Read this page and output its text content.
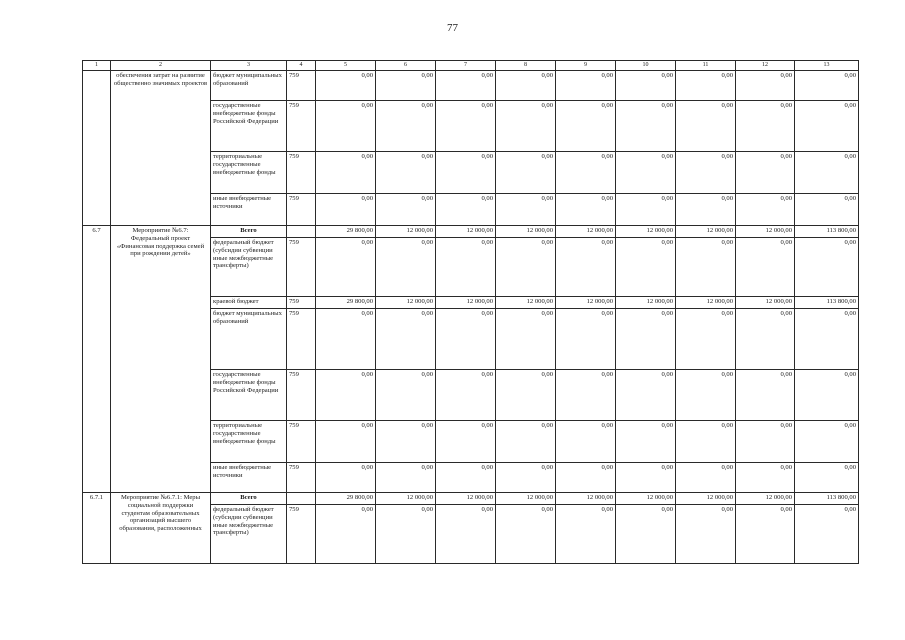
77
1	2	3	4	5	6	7	8	9	10	11	12	13
	обеспечения затрат на развитие общественно значимых проектов	бюджет муниципальных образований	759	0,00	0,00	0,00	0,00	0,00	0,00	0,00	0,00	0,00
		государственные внебюджетные фонды Российской Федерации	759	0,00	0,00	0,00	0,00	0,00	0,00	0,00	0,00	0,00
		территориальные государственные внебюджетные фонды	759	0,00	0,00	0,00	0,00	0,00	0,00	0,00	0,00	0,00
		иные внебюджетные источники	759	0,00	0,00	0,00	0,00	0,00	0,00	0,00	0,00	0,00
6.7	Мероприятие №6.7: Федеральный проект «Финансовая поддержка семей при рождении детей»	Всего		29 800,00	12 000,00	12 000,00	12 000,00	12 000,00	12 000,00	12 000,00	12 000,00	113 800,00
		федеральный бюджет (субсидии субвенции иные межбюджетные трансферты)	759	0,00	0,00	0,00	0,00	0,00	0,00	0,00	0,00	0,00
		краевой бюджет	759	29 800,00	12 000,00	12 000,00	12 000,00	12 000,00	12 000,00	12 000,00	12 000,00	113 800,00
		бюджет муниципальных образований	759	0,00	0,00	0,00	0,00	0,00	0,00	0,00	0,00	0,00
		государственные внебюджетные фонды Российской Федерации	759	0,00	0,00	0,00	0,00	0,00	0,00	0,00	0,00	0,00
		территориальные государственные внебюджетные фонды	759	0,00	0,00	0,00	0,00	0,00	0,00	0,00	0,00	0,00
		иные внебюджетные источники	759	0,00	0,00	0,00	0,00	0,00	0,00	0,00	0,00	0,00
6.7.1	Мероприятие №6.7.1: Меры социальной поддержки студентам образовательных организаций высшего образования, расположенных	Всего		29 800,00	12 000,00	12 000,00	12 000,00	12 000,00	12 000,00	12 000,00	12 000,00	113 800,00
		федеральный бюджет (субсидии субвенции иные межбюджетные трансферты)	759	0,00	0,00	0,00	0,00	0,00	0,00	0,00	0,00	0,00
